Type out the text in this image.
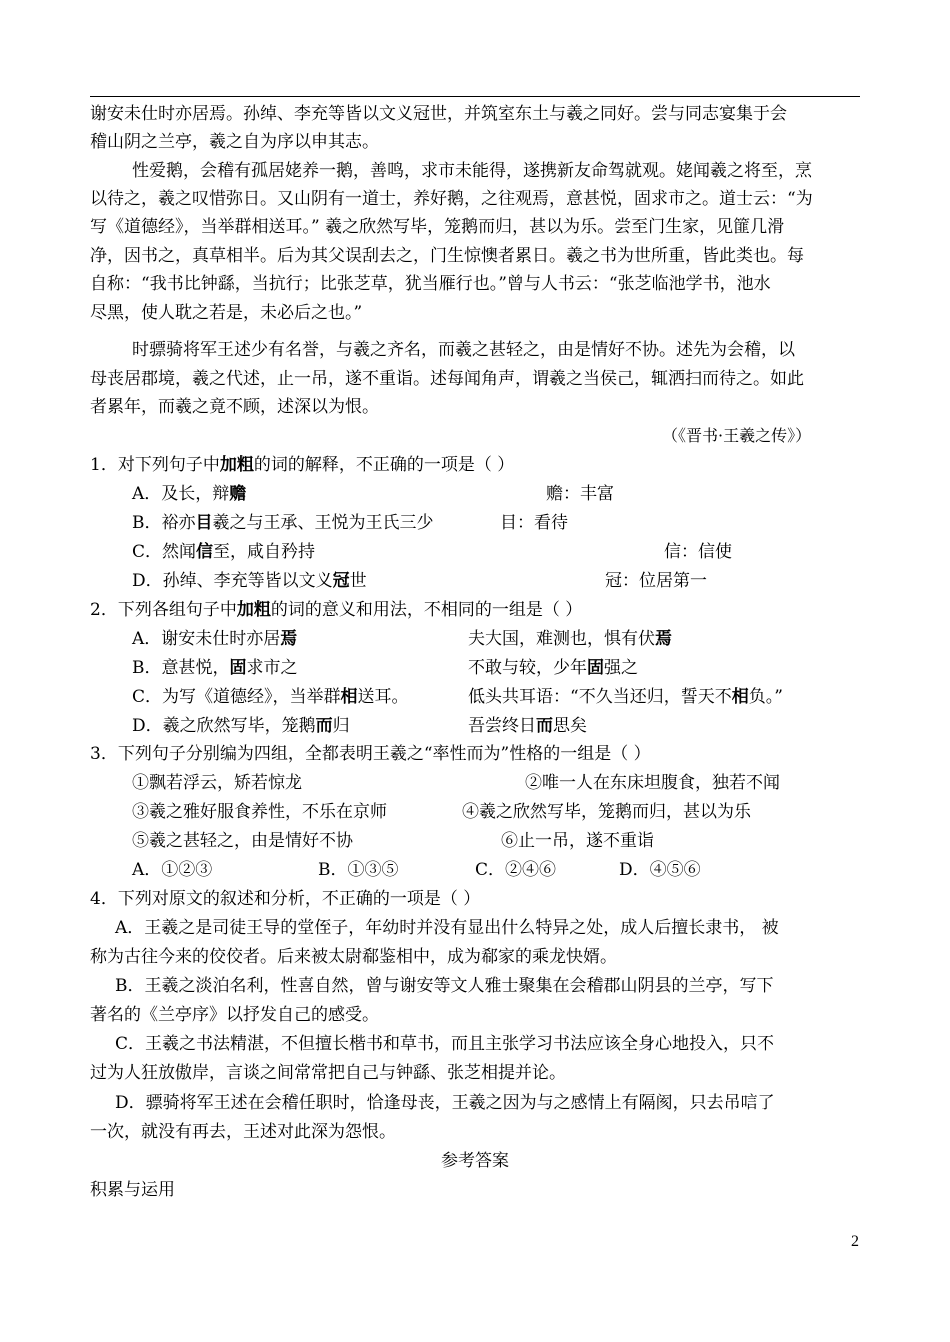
谢安未仕时亦居焉。孙绰、李充等皆以文义冠世，并筑室东土与羲之同好。尝与同志宴集于会
稽山阴之兰亭，羲之自为序以申其志。
性爱鹅，会稽有孤居姥养一鹅，善鸣，求市未能得，遂携新友命驾就观。姥闻羲之将至，烹
以待之，羲之叹惜弥日。又山阴有一道士，养好鹅，之往观焉，意甚悦，固求市之。道士云：“为
写《道德经》，当举群相送耳。” 羲之欣然写毕，笼鹅而归，甚以为乐。尝至门生家，见篚几滑
净，因书之，真草相半。后为其父误刮去之，门生惊懊者累日。羲之书为世所重，皆此类也。每
自称：“我书比钟繇，当抗行；比张芝草，犹当雁行也。”曾与人书云：“张芝临池学书，池水
尽黑，使人耽之若是，未必后之也。”
时骠骑将军王述少有名誉，与羲之齐名，而羲之甚轻之，由是情好不协。述先为会稽，以
母丧居郡境，羲之代述，止一吊，遂不重诣。述每闻角声，谓羲之当侯己，辄洒扫而待之。如此
者累年，而羲之竟不顾，述深以为恨。
（《晋书·王羲之传》）
1．对下列句子中加粗的词的解释，不正确的一项是（ ）
A．及长，辩赡	赡：丰富
B．裕亦目羲之与王承、王悦为王氏三少	目：看待
C．然闻信至，咸自矜持	信：信使
D．孙绰、李充等皆以文义冠世	冠：位居第一
2．下列各组句子中加粗的词的意义和用法，不相同的一组是（ ）
A．谢安未仕时亦居焉	夫大国，难测也，惧有伏焉
B．意甚悦，固求市之	不敢与较，少年固强之
C．为写《道德经》，当举群相送耳。	低头共耳语：“不久当还归，誓天不相负。”
D．羲之欣然写毕，笼鹅而归	吾尝终日而思矣
3．下列句子分别编为四组，全都表明王羲之“率性而为”性格的一组是（ ）
①飘若浮云，矫若惊龙	②唯一人在东床坦腹食，独若不闻
③羲之雅好服食养性，不乐在京师	④羲之欣然写毕，笼鹅而归，甚以为乐
⑤羲之甚轻之，由是情好不协	⑥止一吊，遂不重诣
A．①②③	B．①③⑤	C．②④⑥	D．④⑤⑥
4．下列对原文的叙述和分析，不正确的一项是（ ）
A．王羲之是司徒王导的堂侄子，年幼时并没有显出什么特异之处，成人后擅长隶书， 被
称为古往今来的佼佼者。后来被太尉郗鉴相中，成为郗家的乘龙快婿。
B．王羲之淡泊名利，性喜自然，曾与谢安等文人雅士聚集在会稽郡山阴县的兰亭，写下
著名的《兰亭序》以抒发自己的感受。
C．王羲之书法精湛，不但擅长楷书和草书，而且主张学习书法应该全身心地投入，只不
过为人狂放傲岸，言谈之间常常把自己与钟繇、张芝相提并论。
D．骠骑将军王述在会稽任职时，恰逢母丧，王羲之因为与之感情上有隔阂，只去吊唁了
一次，就没有再去，王述对此深为怨恨。
参考答案
积累与运用
2
